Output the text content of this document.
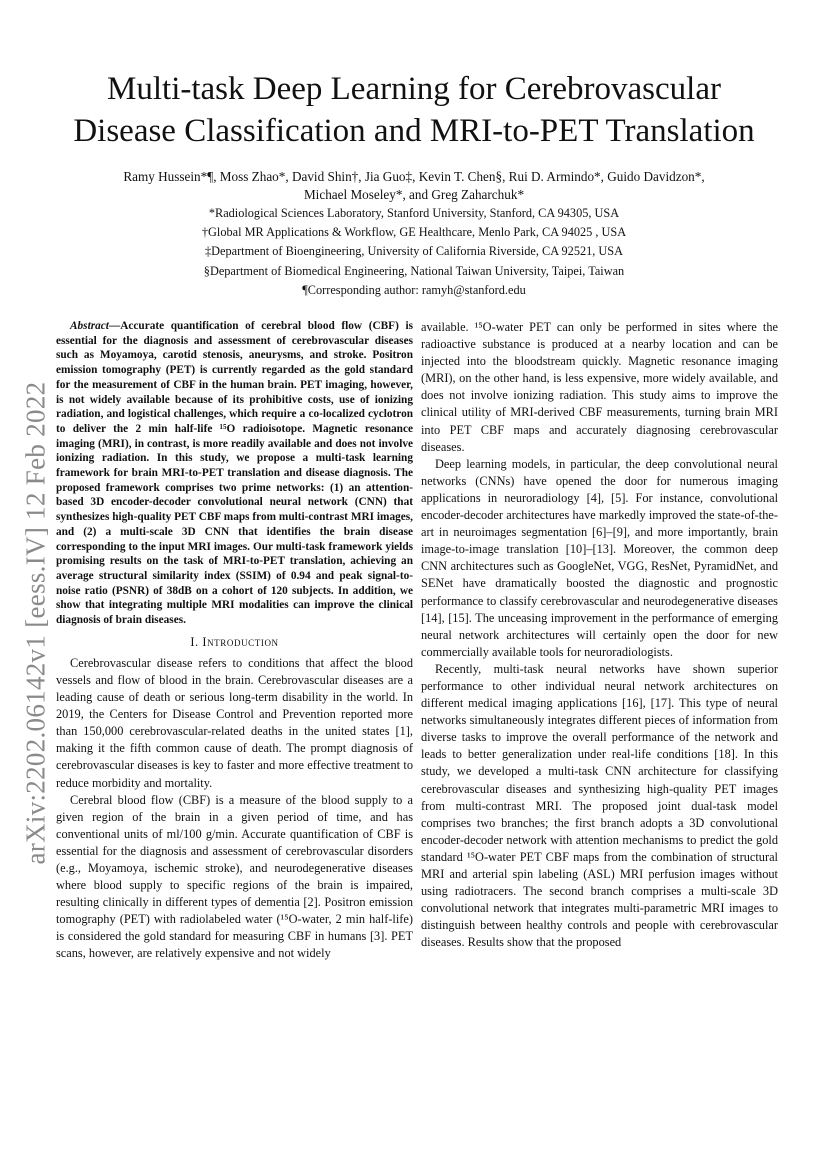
arXiv:2202.06142v1 [eess.IV] 12 Feb 2022
Multi-task Deep Learning for Cerebrovascular
Disease Classification and MRI-to-PET Translation
Ramy Hussein*¶, Moss Zhao*, David Shin†, Jia Guo‡, Kevin T. Chen§, Rui D. Armindo*, Guido Davidzon*,
Michael Moseley*, and Greg Zaharchuk*
*Radiological Sciences Laboratory, Stanford University, Stanford, CA 94305, USA
†Global MR Applications & Workflow, GE Healthcare, Menlo Park, CA 94025 , USA
‡Department of Bioengineering, University of California Riverside, CA 92521, USA
§Department of Biomedical Engineering, National Taiwan University, Taipei, Taiwan
¶Corresponding author: ramyh@stanford.edu

Abstract—Accurate quantification of cerebral blood flow (CBF) is essential for the diagnosis and assessment of cerebrovascular diseases such as Moyamoya, carotid stenosis, aneurysms, and stroke. Positron emission tomography (PET) is currently regarded as the gold standard for the measurement of CBF in the human brain. PET imaging, however, is not widely available because of its prohibitive costs, use of ionizing radiation, and logistical challenges, which require a co-localized cyclotron to deliver the 2 min half-life ¹⁵O radioisotope. Magnetic resonance imaging (MRI), in contrast, is more readily available and does not involve ionizing radiation. In this study, we propose a multi-task learning framework for brain MRI-to-PET translation and disease diagnosis. The proposed framework comprises two prime networks: (1) an attention-based 3D encoder-decoder convolutional neural network (CNN) that synthesizes high-quality PET CBF maps from multi-contrast MRI images, and (2) a multi-scale 3D CNN that identifies the brain disease corresponding to the input MRI images. Our multi-task framework yields promising results on the task of MRI-to-PET translation, achieving an average structural similarity index (SSIM) of 0.94 and peak signal-to-noise ratio (PSNR) of 38dB on a cohort of 120 subjects. In addition, we show that integrating multiple MRI modalities can improve the clinical diagnosis of brain diseases.

I. Introduction

Cerebrovascular disease refers to conditions that affect the blood vessels and flow of blood in the brain. Cerebrovascular diseases are a leading cause of death or serious long-term disability in the world. In 2019, the Centers for Disease Control and Prevention reported more than 150,000 cerebrovascular-related deaths in the united states [1], making it the fifth common cause of death. The prompt diagnosis of cerebrovascular diseases is key to faster and more effective treatment to reduce morbidity and mortality.

Cerebral blood flow (CBF) is a measure of the blood supply to a given region of the brain in a given period of time, and has conventional units of ml/100 g/min. Accurate quantification of CBF is essential for the diagnosis and assessment of cerebrovascular disorders (e.g., Moyamoya, ischemic stroke), and neurodegenerative diseases where blood supply to specific regions of the brain is impaired, resulting clinically in different types of dementia [2]. Positron emission tomography (PET) with radiolabeled water (¹⁵O-water, 2 min half-life) is considered the gold standard for measuring CBF in humans [3]. PET scans, however, are relatively expensive and not widely

available. ¹⁵O-water PET can only be performed in sites where the radioactive substance is produced at a nearby location and can be injected into the bloodstream quickly. Magnetic resonance imaging (MRI), on the other hand, is less expensive, more widely available, and does not involve ionizing radiation. This study aims to improve the clinical utility of MRI-derived CBF measurements, turning brain MRI into PET CBF maps and accurately diagnosing cerebrovascular diseases.

Deep learning models, in particular, the deep convolutional neural networks (CNNs) have opened the door for numerous imaging applications in neuroradiology [4], [5]. For instance, convolutional encoder-decoder architectures have markedly improved the state-of-the-art in neuroimages segmentation [6]–[9], and more importantly, brain image-to-image translation [10]–[13]. Moreover, the common deep CNN architectures such as GoogleNet, VGG, ResNet, PyramidNet, and SENet have dramatically boosted the diagnostic and prognostic performance to classify cerebrovascular and neurodegenerative diseases [14], [15]. The unceasing improvement in the performance of emerging neural network architectures will certainly open the door for new commercially available tools for neuroradiologists.

Recently, multi-task neural networks have shown superior performance to other individual neural network architectures on different medical imaging applications [16], [17]. This type of neural networks simultaneously integrates different pieces of information from diverse tasks to improve the overall performance of the network and leads to better generalization under real-life conditions [18]. In this study, we developed a multi-task CNN architecture for classifying cerebrovascular diseases and synthesizing high-quality PET images from multi-contrast MRI. The proposed joint dual-task model comprises two branches; the first branch adopts a 3D convolutional encoder-decoder network with attention mechanisms to predict the gold standard ¹⁵O-water PET CBF maps from the combination of structural MRI and arterial spin labeling (ASL) MRI perfusion images without using radiotracers. The second branch comprises a multi-scale 3D convolutional network that integrates multi-parametric MRI images to distinguish between healthy controls and people with cerebrovascular diseases. Results show that the proposed
